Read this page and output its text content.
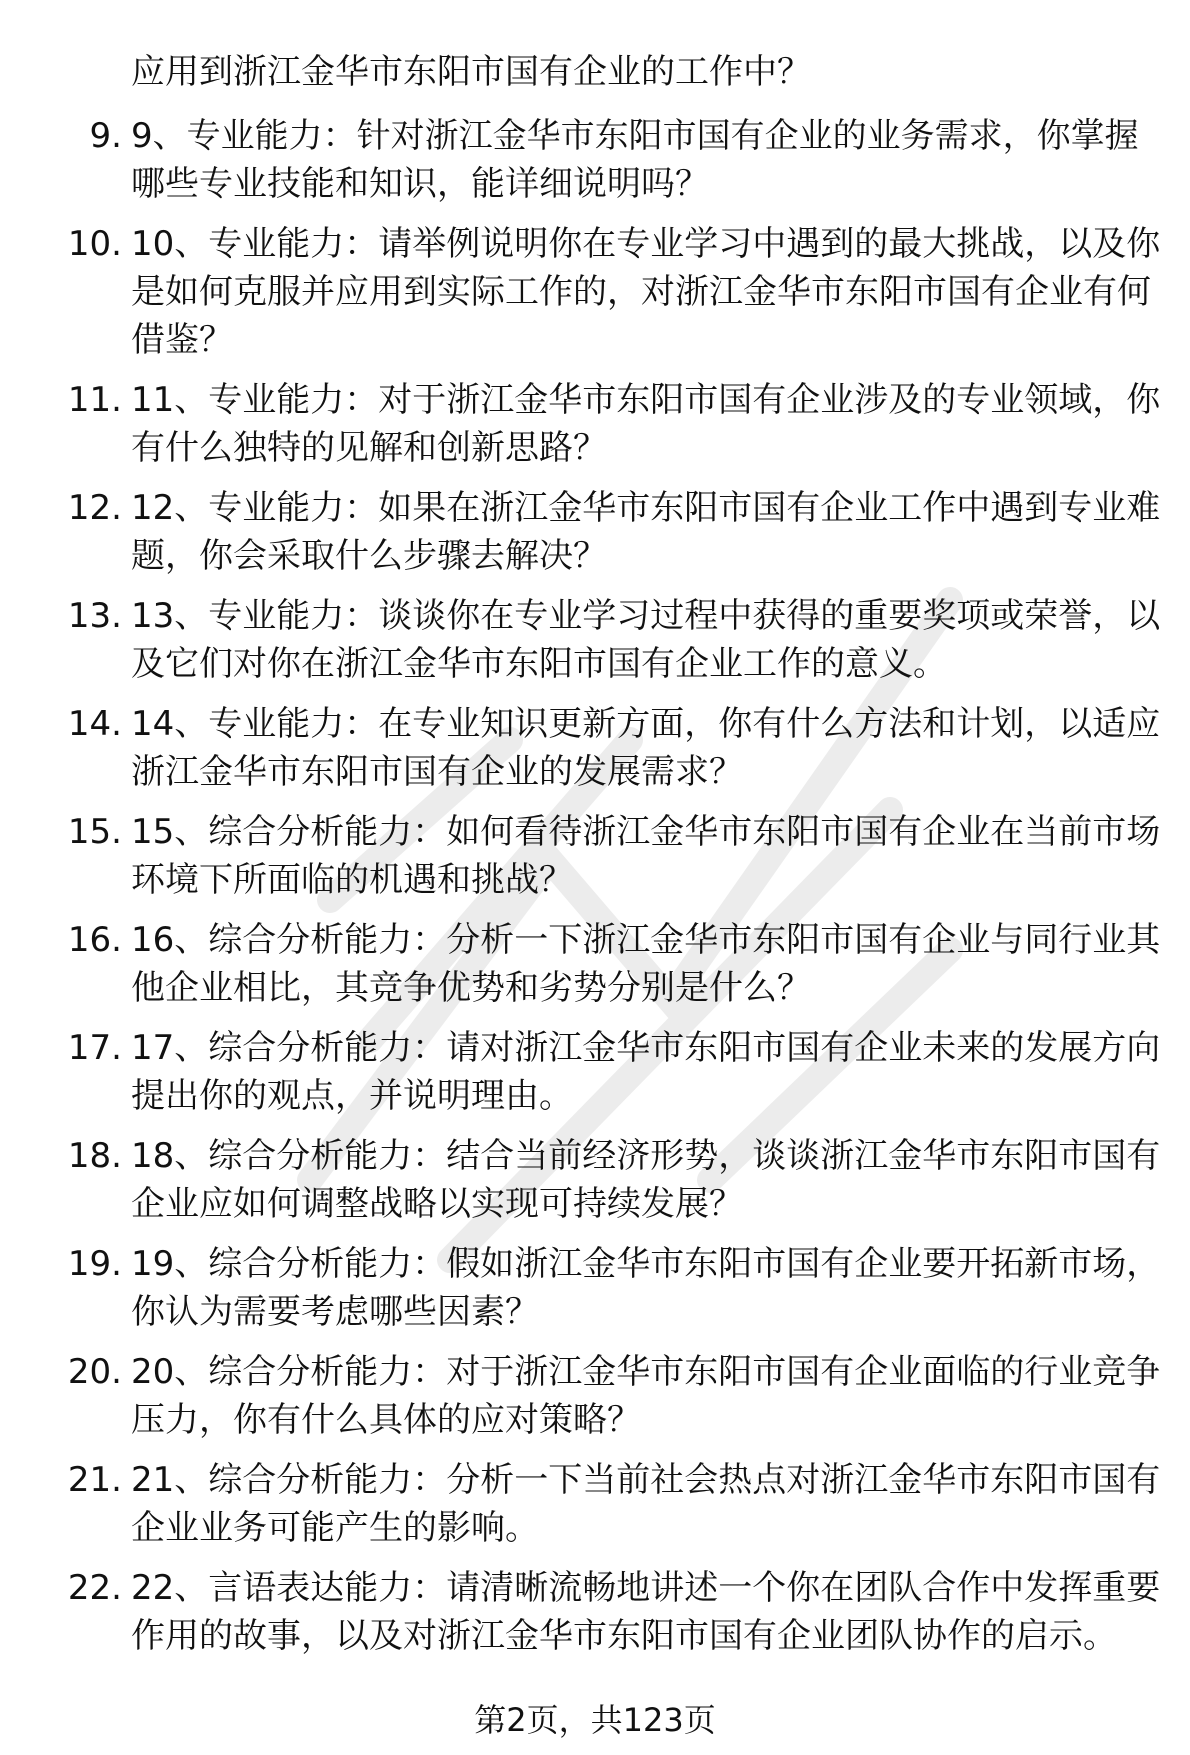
应用到浙江金华市东阳市国有企业的工作中？
9. 9、专业能力：针对浙江金华市东阳市国有企业的业务需求，你掌握哪些专业技能和知识，能详细说明吗？
10. 10、专业能力：请举例说明你在专业学习中遇到的最大挑战，以及你是如何克服并应用到实际工作的，对浙江金华市东阳市国有企业有何借鉴？
11. 11、专业能力：对于浙江金华市东阳市国有企业涉及的专业领域，你有什么独特的见解和创新思路？
12. 12、专业能力：如果在浙江金华市东阳市国有企业工作中遇到专业难题，你会采取什么步骤去解决？
13. 13、专业能力：谈谈你在专业学习过程中获得的重要奖项或荣誉，以及它们对你在浙江金华市东阳市国有企业工作的意义。
14. 14、专业能力：在专业知识更新方面，你有什么方法和计划，以适应浙江金华市东阳市国有企业的发展需求？
15. 15、综合分析能力：如何看待浙江金华市东阳市国有企业在当前市场环境下所面临的机遇和挑战？
16. 16、综合分析能力：分析一下浙江金华市东阳市国有企业与同行业其他企业相比，其竞争优势和劣势分别是什么？
17. 17、综合分析能力：请对浙江金华市东阳市国有企业未来的发展方向提出你的观点，并说明理由。
18. 18、综合分析能力：结合当前经济形势，谈谈浙江金华市东阳市国有企业应如何调整战略以实现可持续发展？
19. 19、综合分析能力：假如浙江金华市东阳市国有企业要开拓新市场，你认为需要考虑哪些因素？
20. 20、综合分析能力：对于浙江金华市东阳市国有企业面临的行业竞争压力，你有什么具体的应对策略？
21. 21、综合分析能力：分析一下当前社会热点对浙江金华市东阳市国有企业业务可能产生的影响。
22. 22、言语表达能力：请清晰流畅地讲述一个你在团队合作中发挥重要作用的故事，以及对浙江金华市东阳市国有企业团队协作的启示。
第2页，共123页
